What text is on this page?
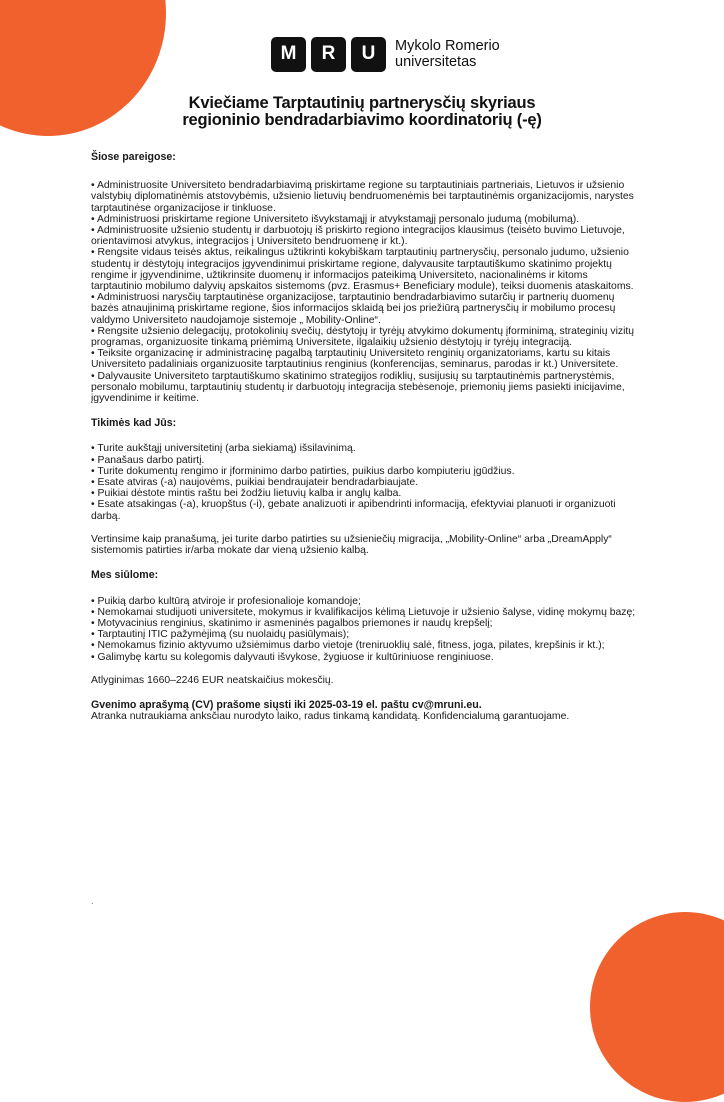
M	R	U	Mykolo Romerio
universitetas
Kviečiame Tarptautinių partnerysčių skyriaus
regioninio bendradarbiavimo koordinatorių (-ę)

Šiose pareigose:

• Administruosite Universiteto bendradarbiavimą priskirtame regione su tarptautiniais partneriais, Lietuvos ir užsienio valstybių diplomatinėmis atstovybėmis, užsienio lietuvių bendruomenėmis bei tarptautinėmis organizacijomis, narystes tarptautinėse organizacijose ir tinkluose.
• Administruosi priskirtame regione Universiteto išvykstamąjį ir atvykstamąjį personalo judumą (mobilumą).
• Administruosite užsienio studentų ir darbuotojų iš priskirto regiono integracijos klausimus (teisėto buvimo Lietuvoje, orientavimosi atvykus, integracijos į Universiteto bendruomenę ir kt.).
• Rengsite vidaus teisės aktus, reikalingus užtikrinti kokybiškam tarptautinių partnerysčių, personalo judumo, užsienio studentų ir dėstytojų integracijos įgyvendinimui priskirtame regione, dalyvausite tarptautiškumo skatinimo projektų rengime ir įgyvendinime, užtikrinsite duomenų ir informacijos pateikimą Universiteto, nacionalinėms ir kitoms tarptautinio mobilumo dalyvių apskaitos sistemoms (pvz. Erasmus+ Beneficiary module), teiksi duomenis ataskaitoms.
• Administruosi narysčių tarptautinėse organizacijose, tarptautinio bendradarbiavimo sutarčių ir partnerių duomenų bazės atnaujinimą priskirtame regione, šios informacijos sklaidą bei jos priežiūrą partnerysčių ir mobilumo procesų valdymo Universiteto naudojamoje sistemoje „ Mobility-Online“.
• Rengsite užsienio delegacijų, protokolinių svečių, dėstytojų ir tyrėjų atvykimo dokumentų įforminimą, strateginių vizitų programas, organizuosite tinkamą priėmimą Universitete, ilgalaikių užsienio dėstytojų ir tyrėjų integraciją.
• Teiksite organizacinę ir administracinę pagalbą tarptautinių Universiteto renginių organizatoriams, kartu su kitais Universiteto padaliniais organizuosite tarptautinius renginius (konferencijas, seminarus, parodas ir kt.) Universitete.
• Dalyvausite Universiteto tarptautiškumo skatinimo strategijos rodiklių, susijusių su tarptautinėmis partnerystėmis, personalo mobilumu, tarptautinių studentų ir darbuotojų integracija stebėsenoje, priemonių jiems pasiekti inicijavime, įgyvendinime ir keitime.

Tikimės kad Jūs:

• Turite aukštąjį universitetinį (arba siekiamą) išsilavinimą.
• Panašaus darbo patirtį.
• Turite dokumentų rengimo ir įforminimo darbo patirties, puikius darbo kompiuteriu įgūdžius.
• Esate atviras (-a) naujovėms, puikiai bendraujateir bendradarbiaujate.
• Puikiai dėstote mintis raštu bei žodžiu lietuvių kalba ir anglų kalba.
• Esate atsakingas (-a), kruopštus (-i), gebate analizuoti ir apibendrinti informaciją, efektyviai planuoti ir organizuoti darbą.

Vertinsime kaip pranašumą, jei turite darbo patirties su užsieniečių migracija, „Mobility-Online“ arba „DreamApply“ sistemomis patirties ir/arba mokate dar vieną užsienio kalbą.

Mes siūlome:

• Puikią darbo kultūrą atviroje ir profesionalioje komandoje;
• Nemokamai studijuoti universitete, mokymus ir kvalifikacijos kėlimą Lietuvoje ir užsienio šalyse, vidinę mokymų bazę;
• Motyvacinius renginius, skatinimo ir asmeninės pagalbos priemones ir naudų krepšelį;
• Tarptautinį ITIC pažymėjimą (su nuolaidų pasiūlymais);
• Nemokamus fizinio aktyvumo užsiėmimus darbo vietoje (treniruoklių salė, fitness, joga, pilates, krepšinis ir kt.);
• Galimybę kartu su kolegomis dalyvauti išvykose, žygiuose ir kultūriniuose renginiuose.

Atlyginimas 1660–2246 EUR neatskaičius mokesčių.

Gvenimo aprašymą (CV) prašome siųsti iki 2025-03-19 el. paštu cv@mruni.eu.

Atranka nutraukiama anksčiau nurodyto laiko, radus tinkamą kandidatą. Konfidencialumą garantuojame.

.
